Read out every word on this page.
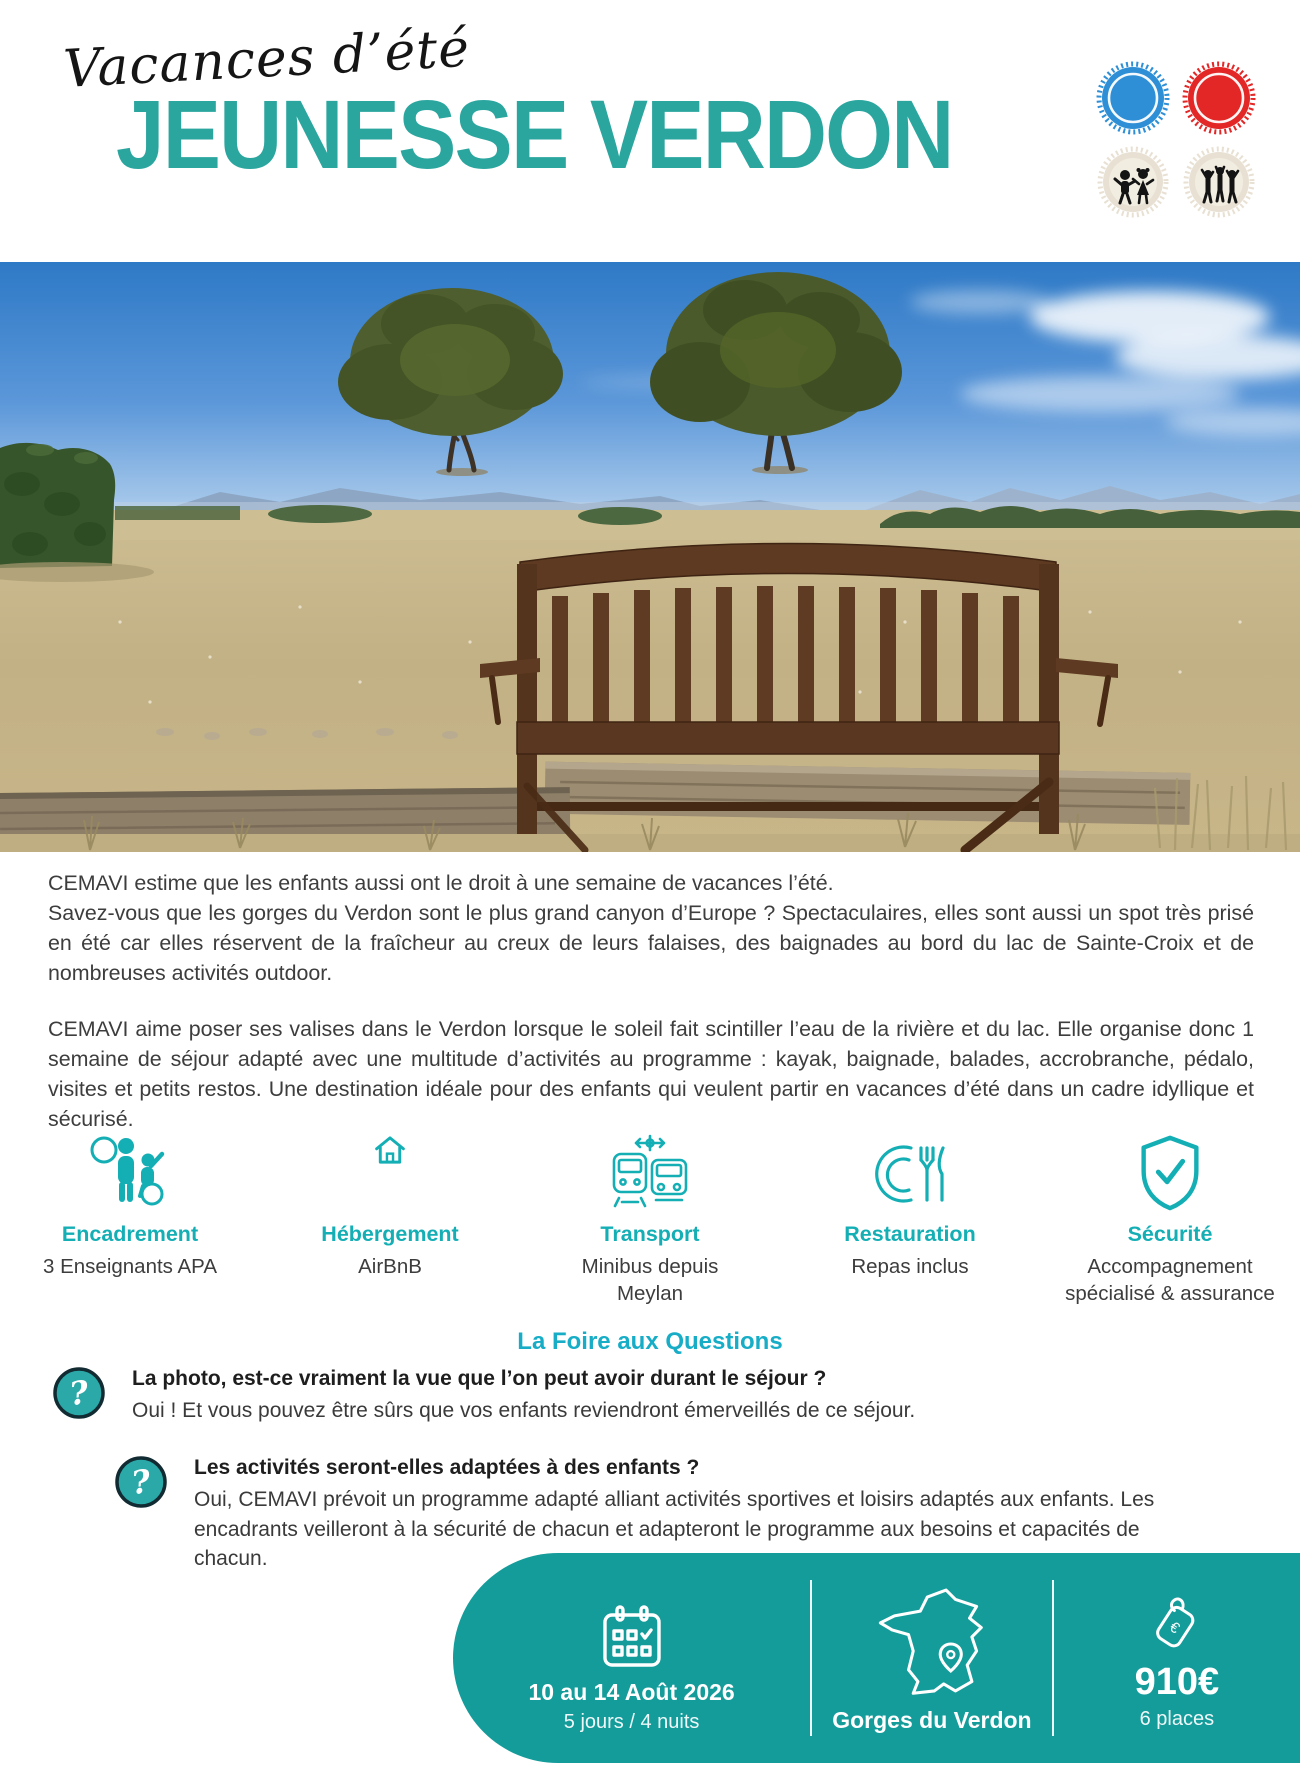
Vacances d’été
JEUNESSE VERDON

CEMAVI estime que les enfants aussi ont le droit à une semaine de vacances l’été.
Savez-vous que les gorges du Verdon sont le plus grand canyon d’Europe ? Spectaculaires, elles sont aussi un spot très prisé en été car elles réservent de la fraîcheur au creux de leurs falaises, des baignades au bord du lac de Sainte-Croix et de nombreuses activités outdoor.

CEMAVI aime poser ses valises dans le Verdon lorsque le soleil fait scintiller l’eau de la rivière et du lac. Elle organise donc 1 semaine de séjour adapté avec une multitude d’activités au programme : kayak, baignade, balades, accrobranche, pédalo, visites et petits restos. Une destination idéale pour des enfants qui veulent partir en vacances d’été dans un cadre idyllique et sécurisé.

Encadrement
3 Enseignants APA
Hébergement
AirBnB
Transport
Minibus depuis Meylan
Restauration
Repas inclus
Sécurité
Accompagnement spécialisé & assurance
La Foire aux Questions
? La photo, est-ce vraiment la vue que l’on peut avoir durant le séjour ?
Oui ! Et vous pouvez être sûrs que vos enfants reviendront émerveillés de ce séjour.
? Les activités seront-elles adaptées à des enfants ?
Oui, CEMAVI prévoit un programme adapté alliant activités sportives et loisirs adaptés aux enfants. Les encadrants veilleront à la sécurité de chacun et adapteront le programme aux besoins et capacités de chacun.
10 au 14 Août 2026
5 jours / 4 nuits	Gorges du Verdon
€
910€
6 places
